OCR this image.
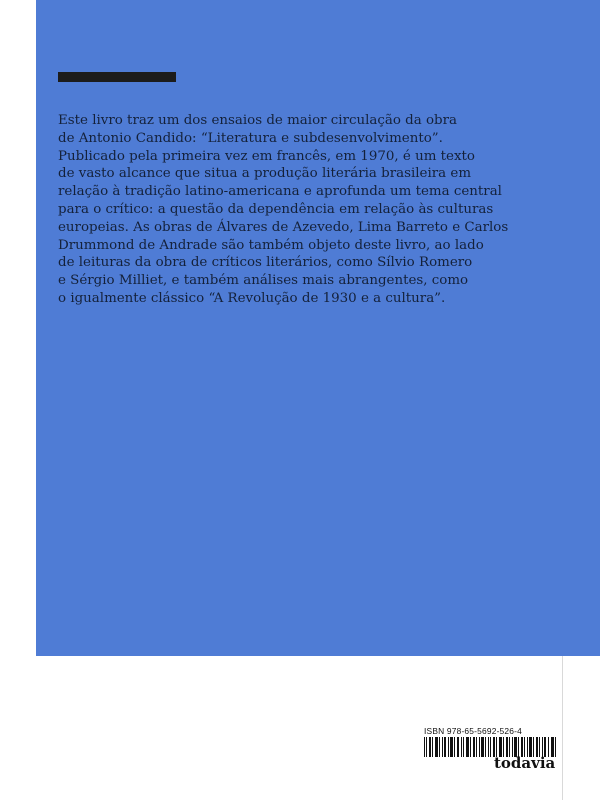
Este livro traz um dos ensaios de maior circulação da obra
de Antonio Candido: “Literatura e subdesenvolvimento”.
Publicado pela primeira vez em francês, em 1970, é um texto
de vasto alcance que situa a produção literária brasileira em
relação à tradição latino-americana e aprofunda um tema central
para o crítico: a questão da dependência em relação às culturas
europeias. As obras de Álvares de Azevedo, Lima Barreto e Carlos
Drummond de Andrade são também objeto deste livro, ao lado
de leituras da obra de críticos literários, como Sílvio Romero
e Sérgio Milliet, e também análises mais abrangentes, como
o igualmente clássico “A Revolução de 1930 e a cultura”.

ISBN 978-65-5692-526-4

todavia
